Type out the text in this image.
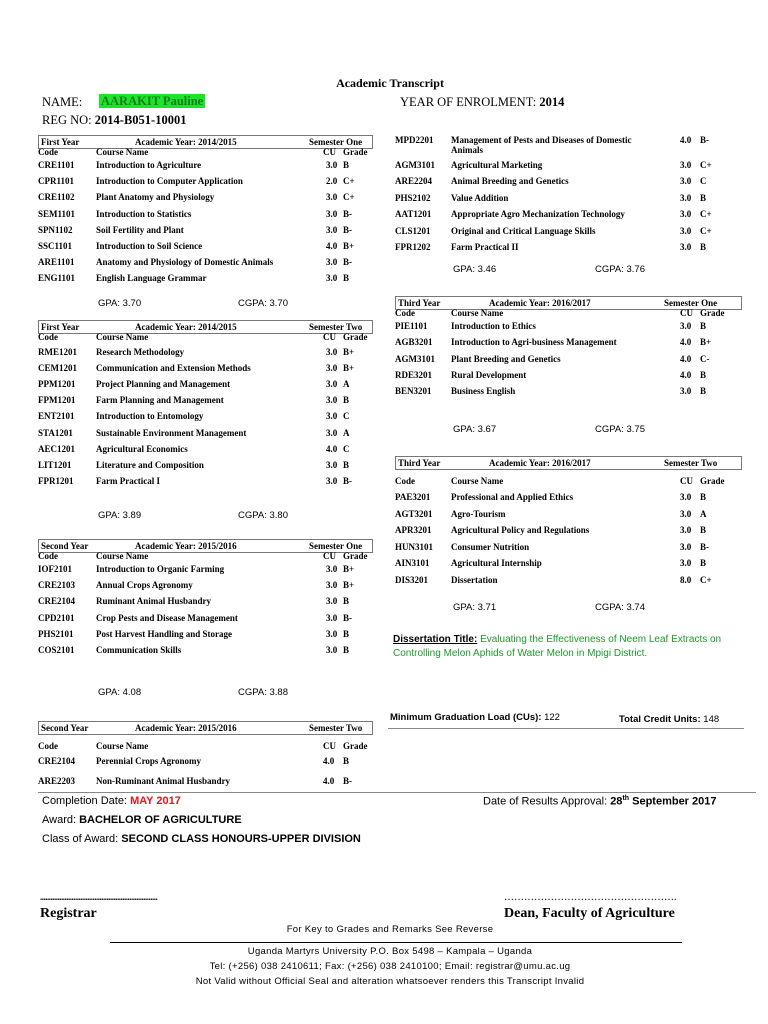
Academic Transcript
NAME: AARAKIT Pauline	YEAR OF ENROLMENT: 2014
REG NO: 2014-B051-10001
First Year	Academic Year: 2014/2015	Semester One
Code	Course Name	CU Grade
CRE1101 Introduction to Agriculture	3.0 B
CPR1101 Introduction to Computer Application	2.0 C+
CRE1102 Plant Anatomy and Physiology	3.0 C+
SEM1101 Introduction to Statistics	3.0 B-
SPN1102	Soil Fertility and Plant	3.0 B-
SSC1101	Introduction to Soil Science	4.0 B+
ARE1101 Anatomy and Physiology of Domestic Animals	3.0 B-
ENG1101 English Language Grammar	3.0 B
GPA: 3.70	CGPA: 3.70
First Year	Academic Year: 2014/2015	Semester Two
Code	Course Name	CU Grade
RME1201 Research Methodology	3.0 B+
CEM1201 Communication and Extension Methods	3.0 B+
PPM1201 Project Planning and Management	3.0 A
FPM1201 Farm Planning and Management	3.0 B
ENT2101 Introduction to Entomology	3.0 C
STA1201	Sustainable Environment Management	3.0 A
AEC1201 Agricultural Economics	4.0 C
LIT1201	Literature and Composition	3.0 B
FPR1201	Farm Practical I	3.0 B-
GPA: 3.89	CGPA: 3.80
Second Year	Academic Year: 2015/2016	Semester One
Code	Course Name	CU Grade
IOF2101	Introduction to Organic Farming	3.0 B+
CRE2103 Annual Crops Agronomy	3.0 B+
CRE2104 Ruminant Animal Husbandry	3.0 B
CPD2101 Crop Pests and Disease Management	3.0 B-
PHS2101 Post Harvest Handling and Storage	3.0 B
COS2101 Communication Skills	3.0 B
GPA: 4.08	CGPA: 3.88
Second Year	Academic Year: 2015/2016	Semester Two
Code	Course Name	CU Grade
CRE2104 Perennial Crops Agronomy	4.0 B
ARE2203 Non-Ruminant Animal Husbandry	4.0 B-
MPD2201 Management of Pests and Diseases of Domestic	4.0 B-
Animals
AGM3101 Agricultural Marketing	3.0 C+
ARE2204 Animal Breeding and Genetics	3.0 C
PHS2102 Value Addition	3.0 B
AAT1201 Appropriate Agro Mechanization Technology	3.0 C+
CLS1201 Original and Critical Language Skills	3.0 C+
FPR1202 Farm Practical II	3.0 B
GPA: 3.46	CGPA: 3.76
Third Year	Academic Year: 2016/2017	Semester One
Code	Course Name	CU Grade
PIE1101	Introduction to Ethics	3.0 B
AGB3201 Introduction to Agri-business Management	4.0 B+
AGM3101 Plant Breeding and Genetics	4.0 C-
RDE3201 Rural Development	4.0 B
BEN3201 Business English	3.0 B
GPA: 3.67	CGPA: 3.75
Third Year	Academic Year: 2016/2017	Semester Two
Code	Course Name	CU Grade
PAE3201 Professional and Applied Ethics	3.0 B
AGT3201 Agro-Tourism	3.0 A
APR3201 Agricultural Policy and Regulations	3.0 B
HUN3101 Consumer Nutrition	3.0 B-
AIN3101 Agricultural Internship	3.0 B
DIS3201	Dissertation	8.0 C+
GPA: 3.71	CGPA: 3.74
Dissertation Title: Evaluating the Effectiveness of Neem Leaf Extracts on
Controlling Melon Aphids of Water Melon in Mpigi District.
Minimum Graduation Load (CUs): 122	Total Credit Units: 148
Completion Date: MAY 2017	Date of Results Approval: 28th September 2017
Award: BACHELOR OF AGRICULTURE
Class of Award: SECOND CLASS HONOURS-UPPER DIVISION
...................................................................	…………………………………………….
Registrar	Dean, Faculty of Agriculture
For Key to Grades and Remarks See Reverse
Uganda Martyrs University P.O. Box 5498 – Kampala – Uganda
Tel: (+256) 038 2410611; Fax: (+256) 038 2410100; Email: registrar@umu.ac.ug
Not Valid without Official Seal and alteration whatsoever renders this Transcript Invalid
